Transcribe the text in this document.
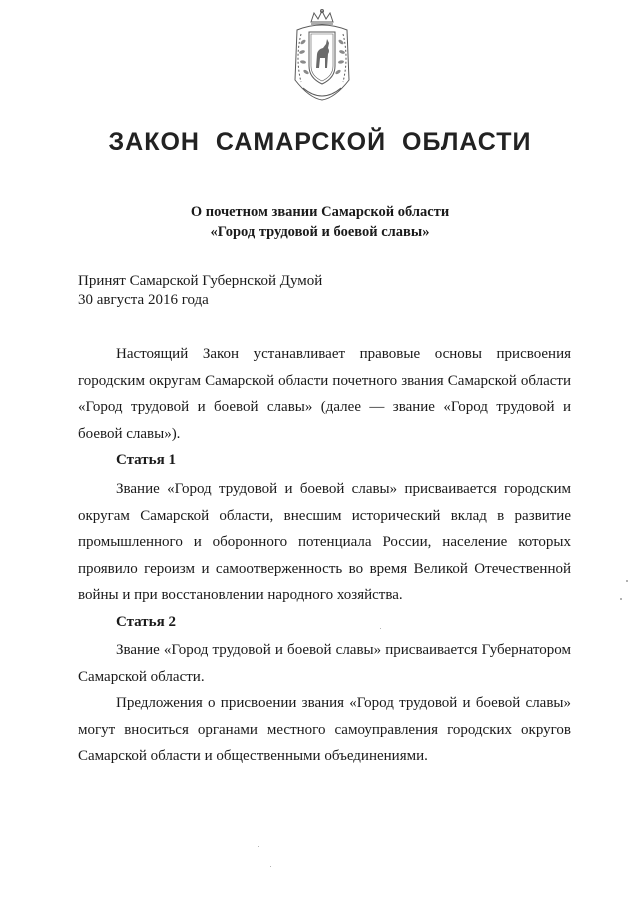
ЗАКОН САМАРСКОЙ ОБЛАСТИ
О почетном звании Самарской области
«Город трудовой и боевой славы»
Принят Самарской Губернской Думой
30 августа 2016 года
Настоящий Закон устанавливает правовые основы присвоения городским округам Самарской области почетного звания Самарской области «Город трудовой и боевой славы» (далее — звание «Город трудовой и боевой славы»).
Статья 1
Звание «Город трудовой и боевой славы» присваивается городским округам Самарской области, внесшим исторический вклад в развитие промышленного и оборонного потенциала России, население которых проявило героизм и самоотверженность во время Великой Отечественной войны и при восстановлении народного хозяйства.
Статья 2
Звание «Город трудовой и боевой славы» присваивается Губернатором Самарской области.
Предложения о присвоении звания «Город трудовой и боевой славы» могут вноситься органами местного самоуправления городских округов Самарской области и общественными объединениями.
